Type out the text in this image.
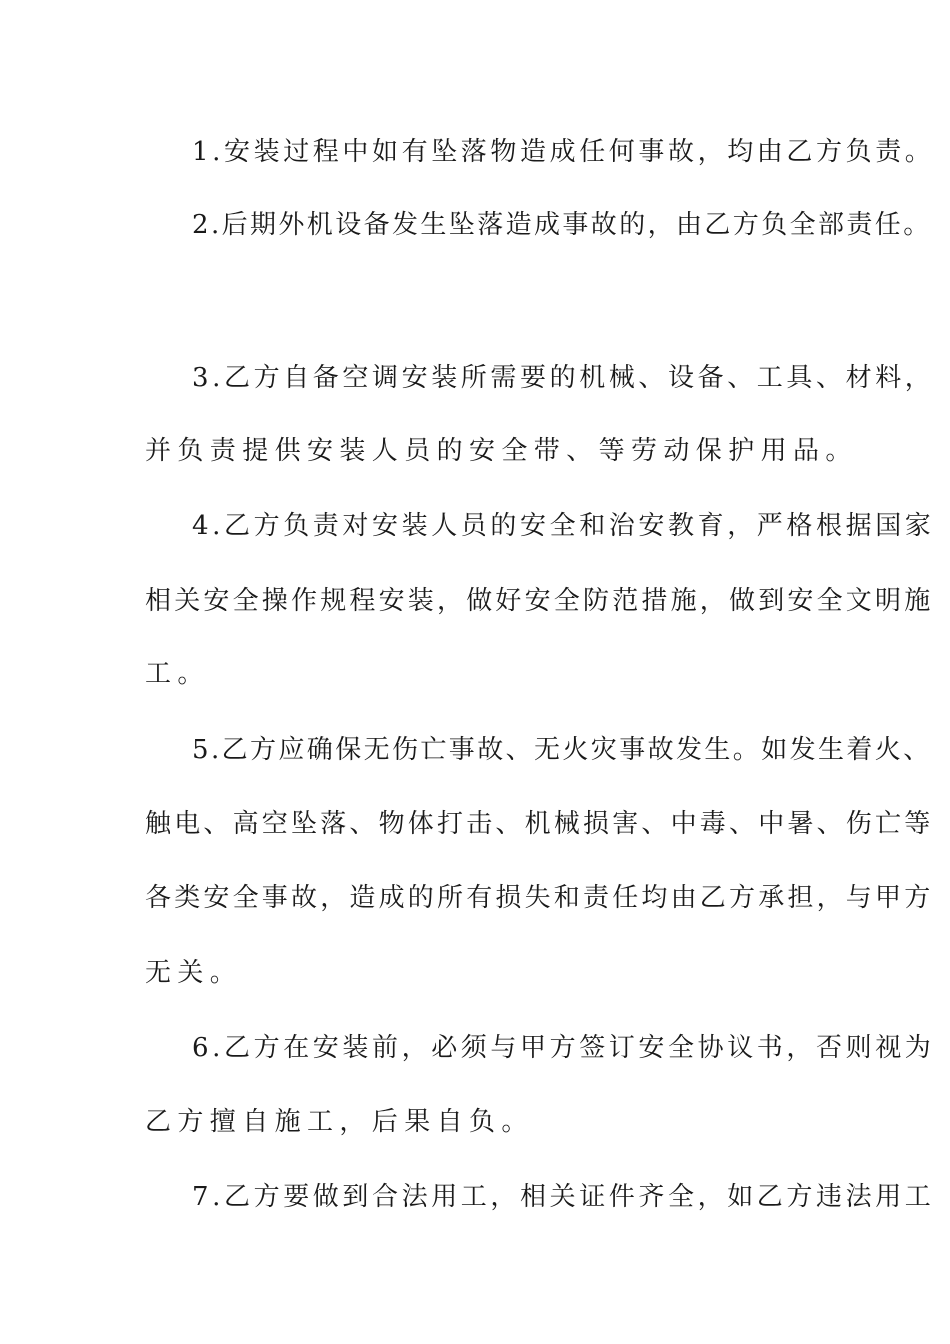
1.安装过程中如有坠落物造成任何事故，均由乙方负责。
2.后期外机设备发生坠落造成事故的，由乙方负全部责任。
3.乙方自备空调安装所需要的机械、设备、工具、材料，
并负责提供安装人员的安全带、等劳动保护用品。
4.乙方负责对安装人员的安全和治安教育，严格根据国家
相关安全操作规程安装，做好安全防范措施，做到安全文明施
工。
5.乙方应确保无伤亡事故、无火灾事故发生。如发生着火、
触电、高空坠落、物体打击、机械损害、中毒、中暑、伤亡等
各类安全事故，造成的所有损失和责任均由乙方承担，与甲方
无关。
6.乙方在安装前，必须与甲方签订安全协议书，否则视为
乙方擅自施工，后果自负。
7.乙方要做到合法用工，相关证件齐全，如乙方违法用工
